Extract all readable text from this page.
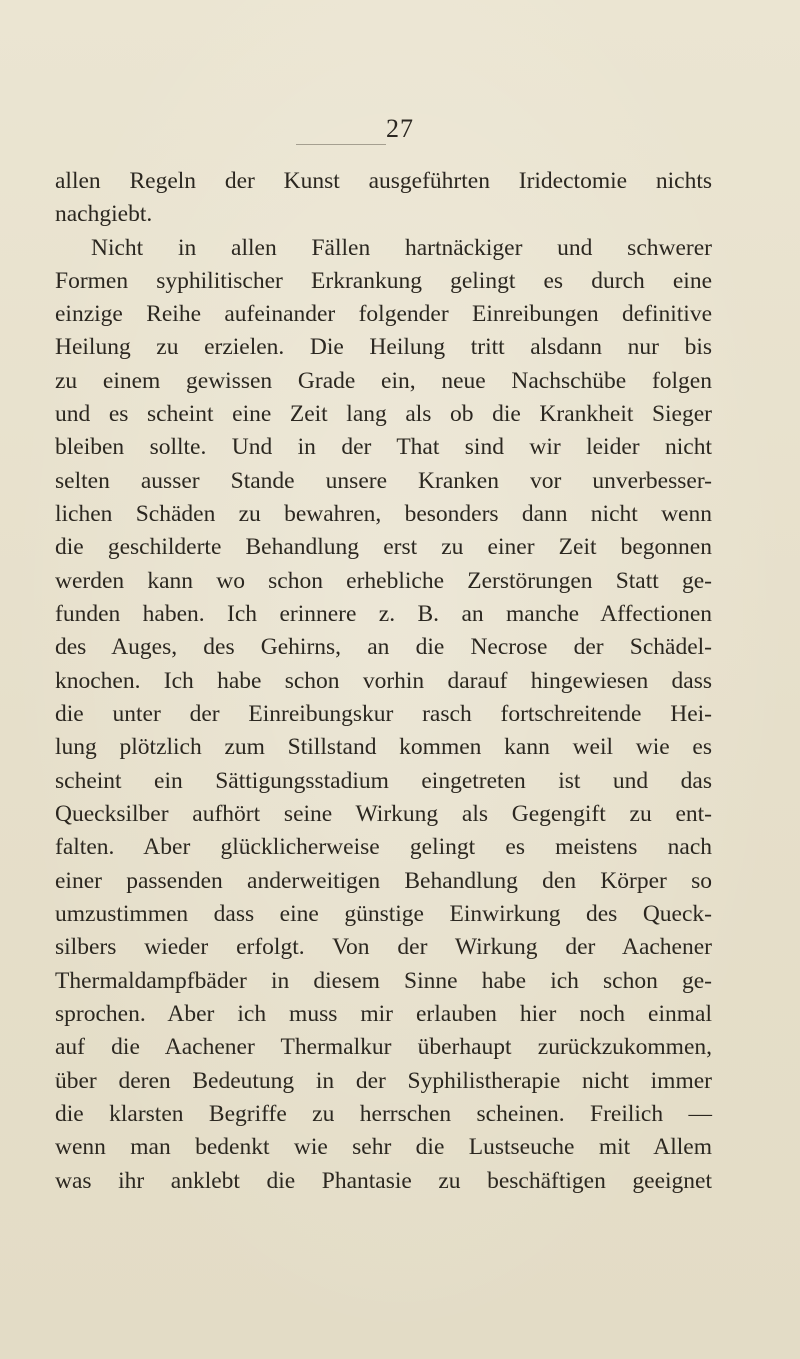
27
allen Regeln der Kunst ausgeführten Iridectomie nichts
nachgiebt.
Nicht in allen Fällen hartnäckiger und schwerer
Formen syphilitischer Erkrankung gelingt es durch eine
einzige Reihe aufeinander folgender Einreibungen definitive
Heilung zu erzielen. Die Heilung tritt alsdann nur bis
zu einem gewissen Grade ein, neue Nachschübe folgen
und es scheint eine Zeit lang als ob die Krankheit Sieger
bleiben sollte. Und in der That sind wir leider nicht
selten ausser Stande unsere Kranken vor unverbesser-
lichen Schäden zu bewahren, besonders dann nicht wenn
die geschilderte Behandlung erst zu einer Zeit begonnen
werden kann wo schon erhebliche Zerstörungen Statt ge-
funden haben. Ich erinnere z. B. an manche Affectionen
des Auges, des Gehirns, an die Necrose der Schädel-
knochen. Ich habe schon vorhin darauf hingewiesen dass
die unter der Einreibungskur rasch fortschreitende Hei-
lung plötzlich zum Stillstand kommen kann weil wie es
scheint ein Sättigungsstadium eingetreten ist und das
Quecksilber aufhört seine Wirkung als Gegengift zu ent-
falten. Aber glücklicherweise gelingt es meistens nach
einer passenden anderweitigen Behandlung den Körper so
umzustimmen dass eine günstige Einwirkung des Queck-
silbers wieder erfolgt. Von der Wirkung der Aachener
Thermaldampfbäder in diesem Sinne habe ich schon ge-
sprochen. Aber ich muss mir erlauben hier noch einmal
auf die Aachener Thermalkur überhaupt zurückzukommen,
über deren Bedeutung in der Syphilistherapie nicht immer
die klarsten Begriffe zu herrschen scheinen. Freilich —
wenn man bedenkt wie sehr die Lustseuche mit Allem
was ihr anklebt die Phantasie zu beschäftigen geeignet
